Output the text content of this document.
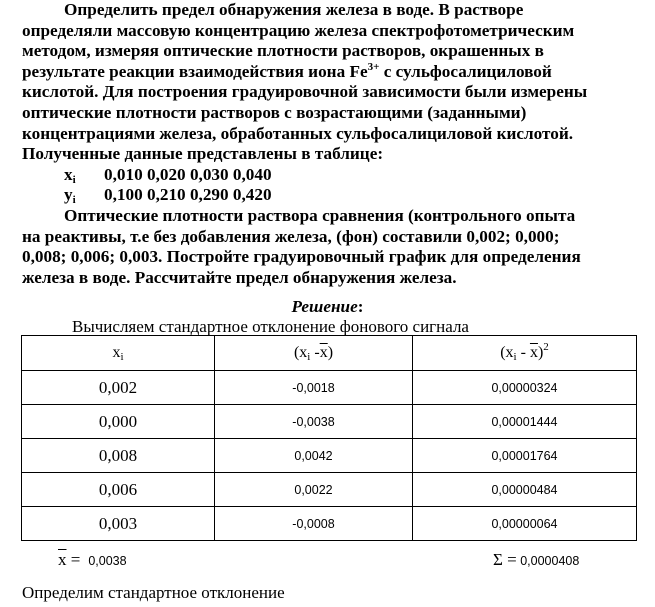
Определить предел обнаружения железа в воде. В растворе

определяли массовую концентрацию железа спектрофотометрическим

методом, измеряя оптические плотности растворов, окрашенных в

результате реакции взаимодействия иона $Fe^{3+}$ с сульфосалициловой

кислотой. Для построения градуировочной зависимости были измерены

оптические плотности растворов с возрастающими (заданными)

концентрациями железа, обработанных сульфосалициловой кислотой.

Полученные данные представлены в таблице:

$x_i$ 0,010 0,020 0,030 0,040

$y_i$ 0,100 0,210 0,290 0,420

Оптические плотности раствора сравнения (контрольного опыта

на реактивы, т.е без добавления железа, (фон) составили 0,002; 0,000;

0,008; 0,006; 0,003. Постройте градуировочный график для определения

железа в воде. Рассчитайте предел обнаружения железа.

Решение:
Вычисляем стандартное отклонение фонового сигнала
$x_i$	($x_i$ $-\overline{x}$)	$(x_i - \overline{x})^2$
0,002	-0,0018	0,00000324
0,000	-0,0038	0,00001444
0,008	0,0042	0,00001764
0,006	0,0022	0,00000484
0,003	-0,0008	0,00000064
$\overline{x} = 0,0038$	Σ = 0,0000408
Определим стандартное отклонение
